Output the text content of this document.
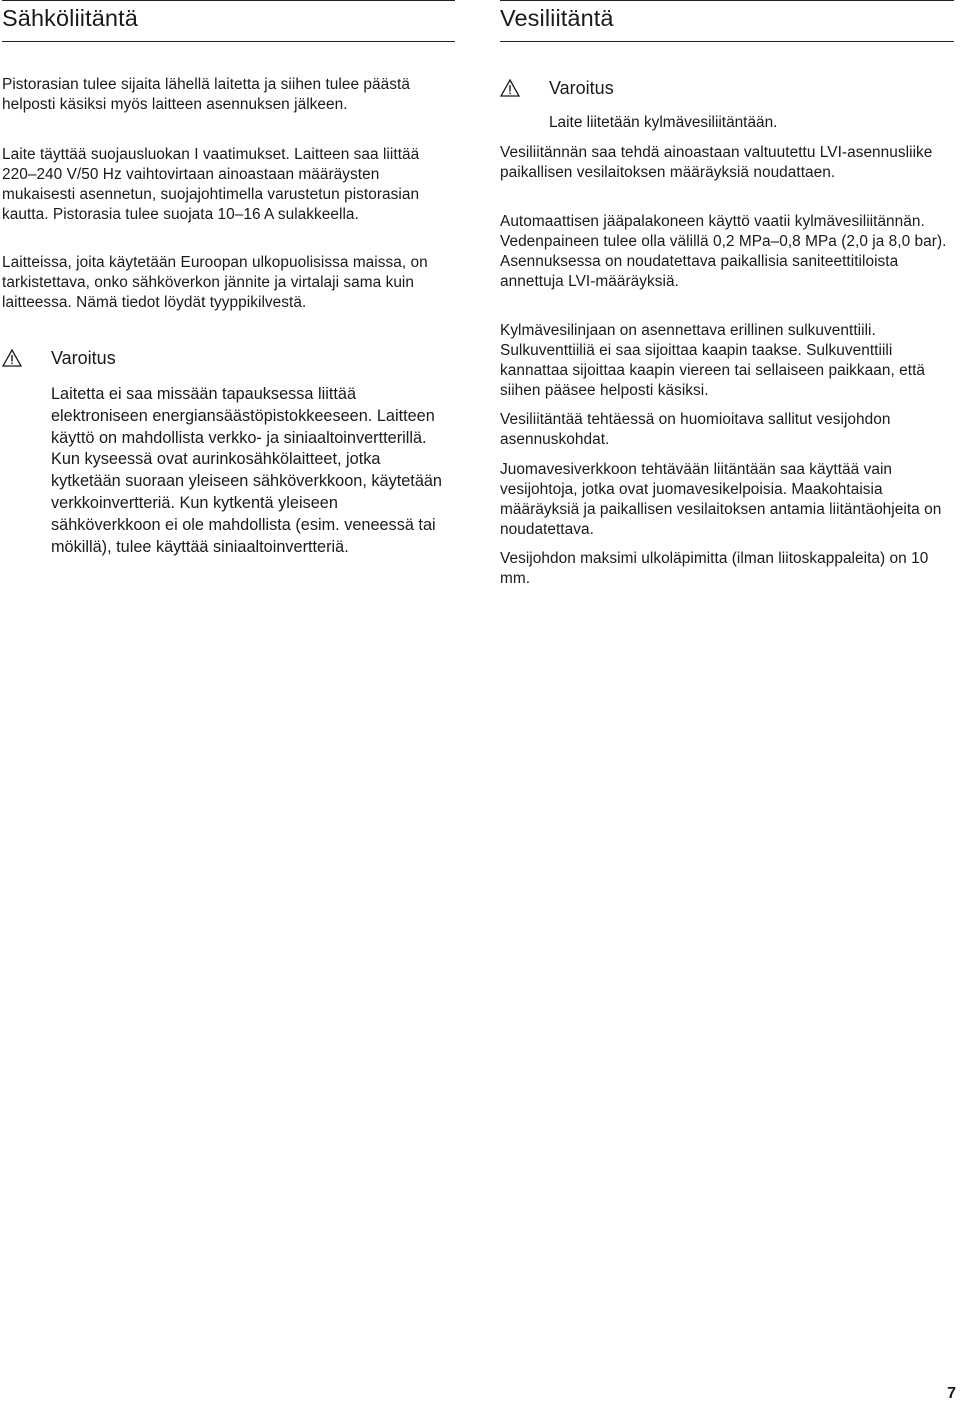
Sähköliitäntä

Pistorasian tulee sijaita lähellä laitetta ja siihen tulee päästä helposti käsiksi myös laitteen asennuksen jälkeen.

Laite täyttää suojausluokan I vaatimukset. Laitteen saa liittää 220–240 V/50 Hz vaihtovirtaan ainoastaan määräysten mukaisesti asennetun, suojajohtimella varustetun pistorasian kautta. Pistorasia tulee suojata 10–16 A sulakkeella.

Laitteissa, joita käytetään Euroopan ulkopuolisissa maissa, on tarkistettava, onko sähköverkon jännite ja virtalaji sama kuin laitteessa. Nämä tiedot löydät tyyppikilvestä.

Varoitus

Laitetta ei saa missään tapauksessa liittää elektroniseen energiansäästöpistokkeeseen. Laitteen käyttö on mahdollista verkko- ja siniaaltoinvertterillä. Kun kyseessä ovat aurinkosähkölaitteet, jotka kytketään suoraan yleiseen sähköverkkoon, käytetään verkkoinvertteriä. Kun kytkentä yleiseen sähköverkkoon ei ole mahdollista (esim. veneessä tai mökillä), tulee käyttää siniaaltoinvertteriä.

Vesiliitäntä
Varoitus

Laite liitetään kylmävesiliitäntään.

Vesiliitännän saa tehdä ainoastaan valtuutettu LVI-asennusliike paikallisen vesilaitoksen määräyksiä noudattaen.

Automaattisen jääpalakoneen käyttö vaatii kylmävesiliitännän. Vedenpaineen tulee olla välillä 0,2 MPa–0,8 MPa (2,0 ja 8,0 bar). Asennuksessa on noudatettava paikallisia saniteettitiloista annettuja LVI-määräyksiä.

Kylmävesilinjaan on asennettava erillinen sulkuventtiili. Sulkuventtiiliä ei saa sijoittaa kaapin taakse. Sulkuventtiili kannattaa sijoittaa kaapin viereen tai sellaiseen paikkaan, että siihen pääsee helposti käsiksi.

Vesiliitäntää tehtäessä on huomioitava sallitut vesijohdon asennuskohdat.

Juomavesiverkkoon tehtävään liitäntään saa käyttää vain vesijohtoja, jotka ovat juomavesikelpoisia. Maakohtaisia määräyksiä ja paikallisen vesilaitoksen antamia liitäntäohjeita on noudatettava.

Vesijohdon maksimi ulkoläpimitta (ilman liitoskappaleita) on 10 mm.

7
